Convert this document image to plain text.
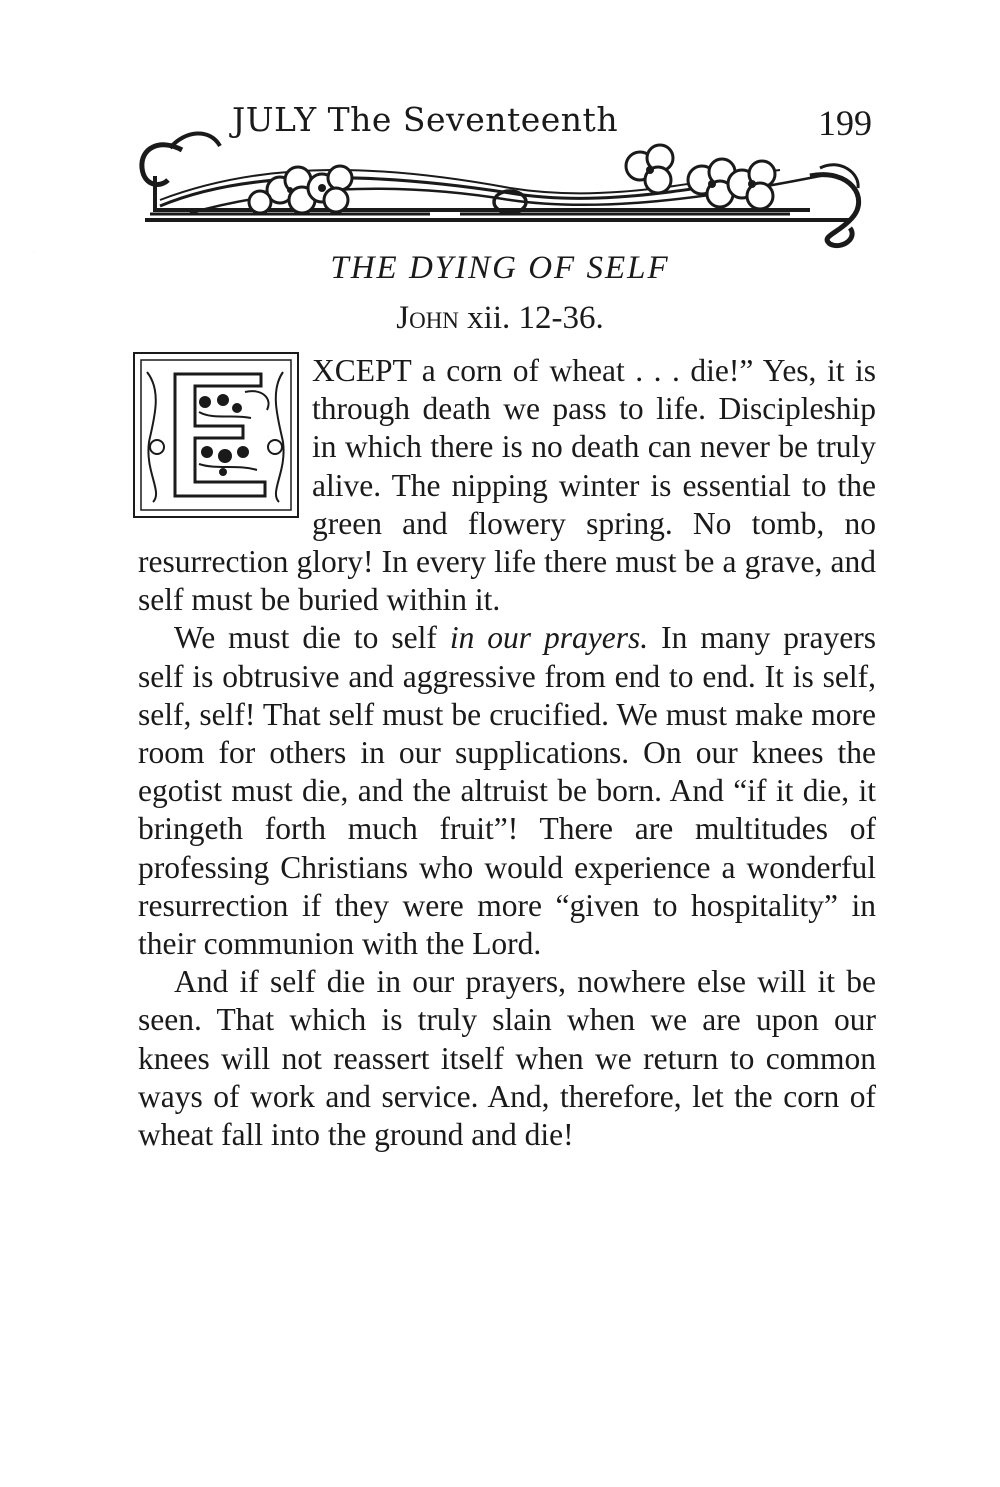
JULY The Seventeenth	199
THE DYING OF SELF
John xii. 12-36.
E

XCEPT a corn of wheat . . . die!” Yes, it is through death we pass to life. Discipleship in which there is no death can never be truly alive. The nipping winter is essential to the green and flowery spring. No tomb, no resurrection glory! In every life there must be a grave, and self must be buried within it.

We must die to self in our prayers. In many prayers self is obtrusive and aggressive from end to end. It is self, self, self! That self must be crucified. We must make more room for others in our supplications. On our knees the egotist must die, and the altruist be born. And “if it die, it bringeth forth much fruit”! There are multitudes of professing Christians who would experience a wonderful resurrection if they were more “given to hospitality” in their communion with the Lord.

And if self die in our prayers, nowhere else will it be seen. That which is truly slain when we are upon our knees will not reassert itself when we return to common ways of work and service. And, therefore, let the corn of wheat fall into the ground and die!
